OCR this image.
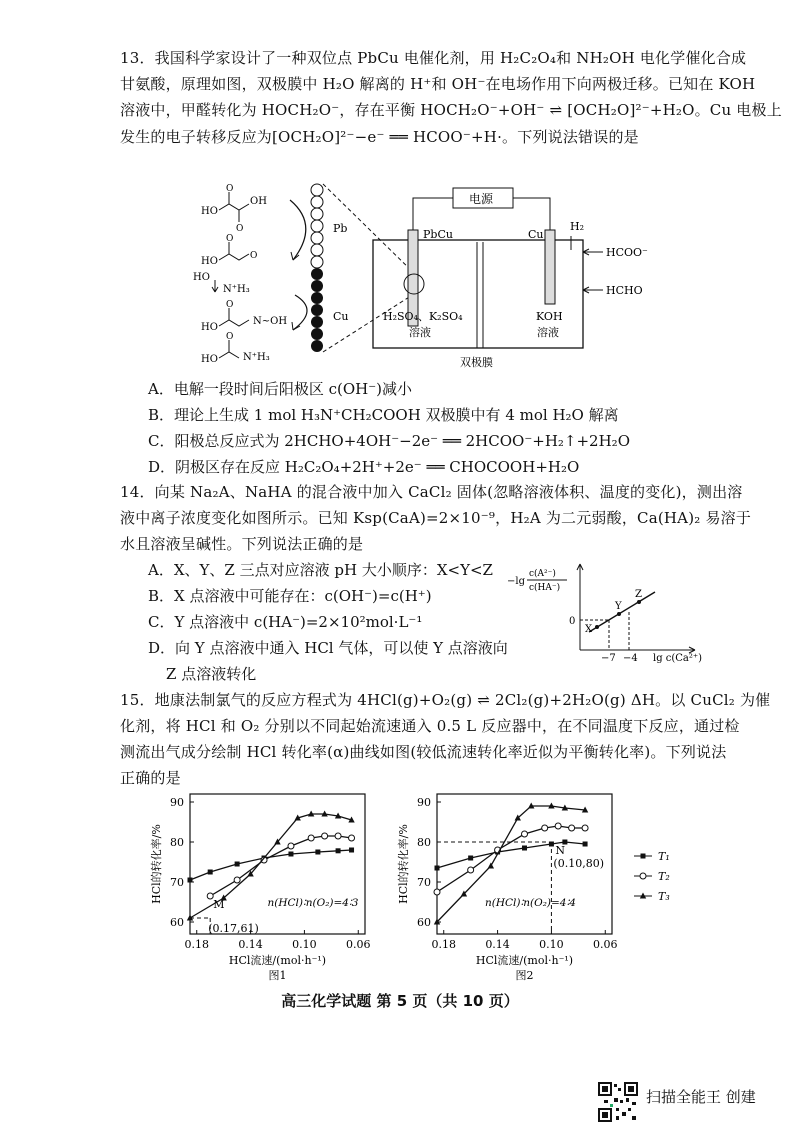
13．我国科学家设计了一种双位点 PbCu 电催化剂，用 H₂C₂O₄和 NH₂OH 电化学催化合成
甘氨酸，原理如图，双极膜中 H₂O 解离的 H⁺和 OH⁻在电场作用下向两极迁移。已知在 KOH
溶液中，甲醛转化为 HOCH₂O⁻，存在平衡 HOCH₂O⁻+OH⁻ ⇌ [OCH₂O]²⁻+H₂O。Cu 电极上
发生的电子转移反应为[OCH₂O]²⁻−e⁻ ══ HCOO⁻+H·。下列说法错误的是
HO
OH
O
O
HO
O
O
HO
N⁺H₃
HO
O
N~OH
HO
O
N⁺H₃
Pb
Cu
电源
PbCu	Cu
H₂
HCOO⁻
HCHO
H₂SO₄、K₂SO₄
溶液
KOH
溶液
双极膜
A．电解一段时间后阳极区 c(OH⁻)减小
B．理论上生成 1 mol H₃N⁺CH₂COOH 双极膜中有 4 mol H₂O 解离
C．阳极总反应式为 2HCHO+4OH⁻−2e⁻ ══ 2HCOO⁻+H₂↑+2H₂O
D．阴极区存在反应 H₂C₂O₄+2H⁺+2e⁻ ══ CHOCOOH+H₂O
14．向某 Na₂A、NaHA 的混合液中加入 CaCl₂ 固体(忽略溶液体积、温度的变化)，测出溶
液中离子浓度变化如图所示。已知 Ksp(CaA)=2×10⁻⁹，H₂A 为二元弱酸，Ca(HA)₂ 易溶于
水且溶液呈碱性。下列说法正确的是
A．X、Y、Z 三点对应溶液 pH 大小顺序：X<Y<Z
B．X 点溶液中可能存在：c(OH⁻)=c(H⁺)
C．Y 点溶液中 c(HA⁻)=2×10²mol·L⁻¹
D．向 Y 点溶液中通入 HCl 气体，可以使 Y 点溶液向
Z 点溶液转化
−lg
c(A²⁻)
c(HA⁻)
0
X
Y
Z
−7 −4 lg c(Ca²⁺)
15．地康法制氯气的反应方程式为 4HCl(g)+O₂(g) ⇌ 2Cl₂(g)+2H₂O(g) ΔH。以 CuCl₂ 为催
化剂，将 HCl 和 O₂ 分别以不同起始流速通入 0.5 L 反应器中，在不同温度下反应，通过检
测流出气成分绘制 HCl 转化率(α)曲线如图(较低流速转化率近似为平衡转化率)。下列说法
正确的是
60
70
80
90
0.18	0.14	0.10	0.06
HCl的转化率/%
HCl流速/(mol·h⁻¹)
图1
M
(0.17,61)
n(HCl)∶n(O₂)=4∶3
60
70
80
90
0.18	0.14	0.10	0.06
HCl的转化率/%
HCl流速/(mol·h⁻¹)
图2
N
(0.10,80)
n(HCl)∶n(O₂)=4∶4
T₁
T₂
T₃
高三化学试题 第 5 页（共 10 页）
扫描全能王 创建
